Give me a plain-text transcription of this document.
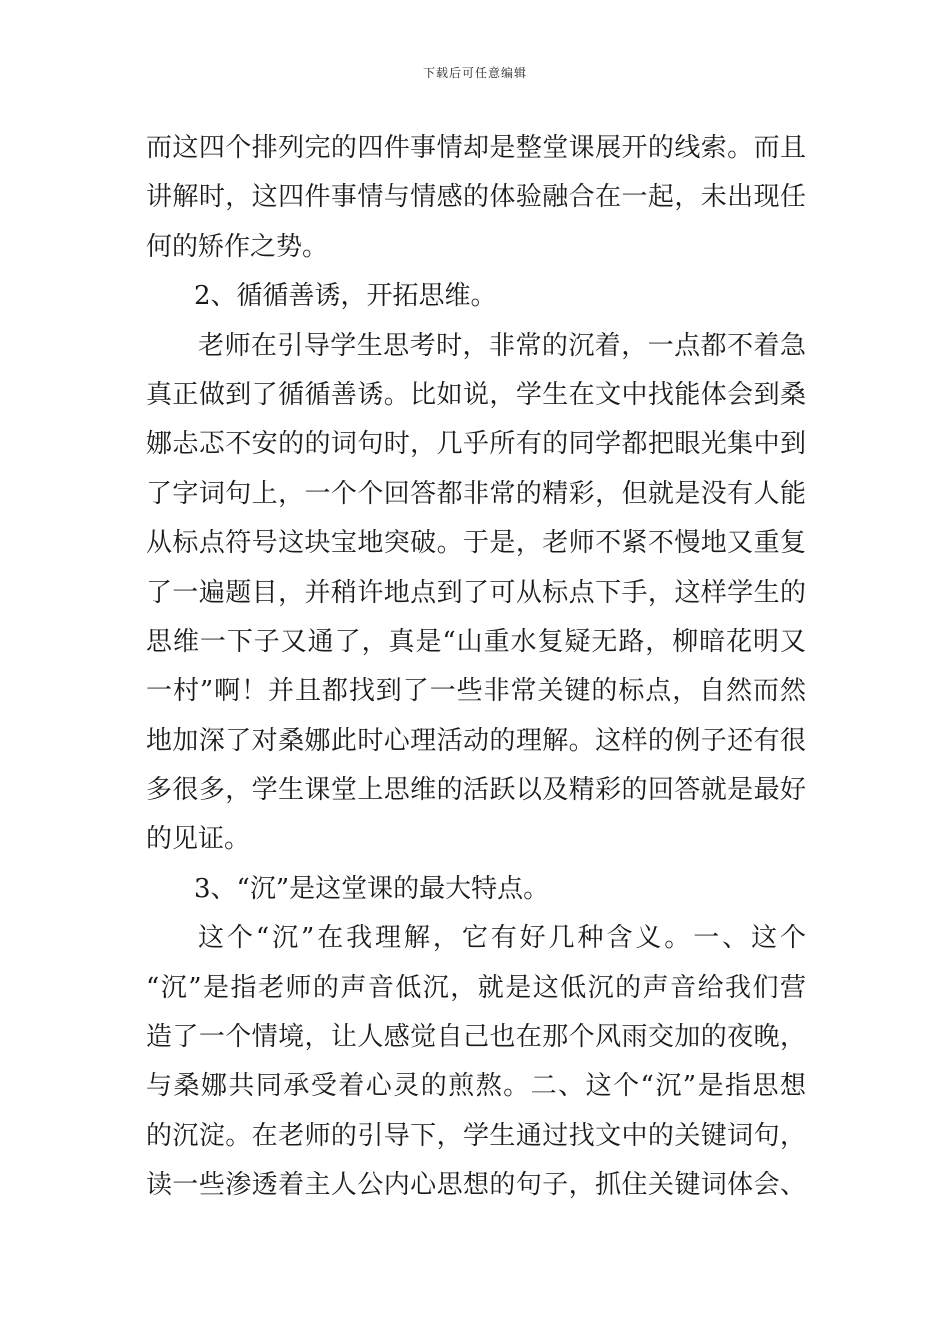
下载后可任意编辑
而这四个排列完的四件事情却是整堂课展开的线索。而且
讲解时，这四件事情与情感的体验融合在一起，未出现任
何的矫作之势。
2、循循善诱，开拓思维。
老师在引导学生思考时，非常的沉着，一点都不着急
真正做到了循循善诱。比如说，学生在文中找能体会到桑
娜忐忑不安的的词句时，几乎所有的同学都把眼光集中到
了字词句上，一个个回答都非常的精彩，但就是没有人能
从标点符号这块宝地突破。于是，老师不紧不慢地又重复
了一遍题目，并稍许地点到了可从标点下手，这样学生的
思维一下子又通了，真是“山重水复疑无路，柳暗花明又
一村”啊！并且都找到了一些非常关键的标点，自然而然
地加深了对桑娜此时心理活动的理解。这样的例子还有很
多很多，学生课堂上思维的活跃以及精彩的回答就是最好
的见证。
3、“沉”是这堂课的最大特点。
这个“沉”在我理解，它有好几种含义。一、这个
“沉”是指老师的声音低沉，就是这低沉的声音给我们营
造了一个情境，让人感觉自己也在那个风雨交加的夜晚，
与桑娜共同承受着心灵的煎熬。二、这个“沉”是指思想
的沉淀。在老师的引导下，学生通过找文中的关键词句，
读一些渗透着主人公内心思想的句子，抓住关键词体会、
